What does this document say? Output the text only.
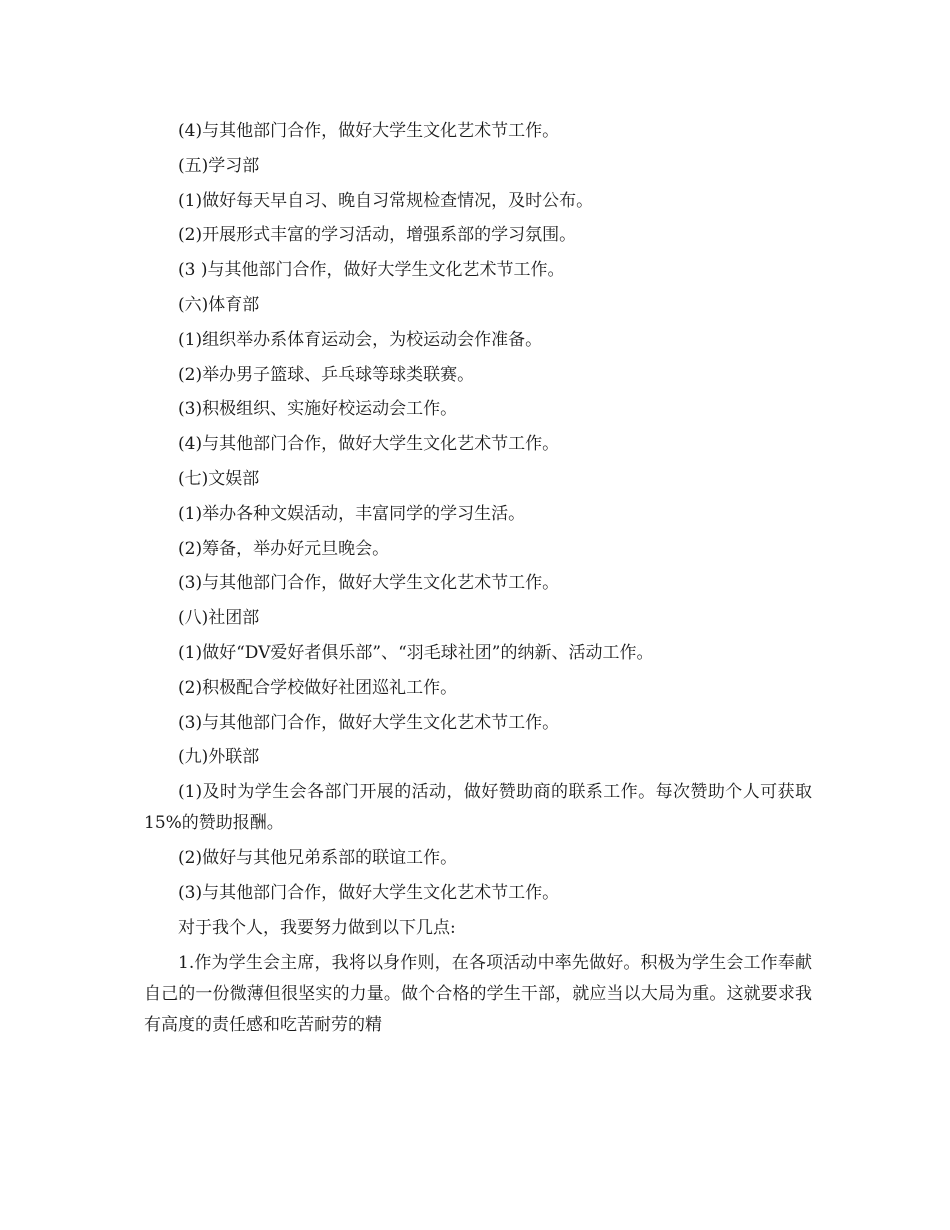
(4)与其他部门合作，做好大学生文化艺术节工作。

(五)学习部

(1)做好每天早自习、晚自习常规检查情况，及时公布。

(2)开展形式丰富的学习活动，增强系部的学习氛围。

(3 )与其他部门合作，做好大学生文化艺术节工作。

(六)体育部

(1)组织举办系体育运动会，为校运动会作准备。

(2)举办男子篮球、乒乓球等球类联赛。

(3)积极组织、实施好校运动会工作。

(4)与其他部门合作，做好大学生文化艺术节工作。

(七)文娱部

(1)举办各种文娱活动，丰富同学的学习生活。

(2)筹备，举办好元旦晚会。

(3)与其他部门合作，做好大学生文化艺术节工作。

(八)社团部

(1)做好“DV爱好者俱乐部”、“羽毛球社团”的纳新、活动工作。

(2)积极配合学校做好社团巡礼工作。

(3)与其他部门合作，做好大学生文化艺术节工作。

(九)外联部

(1)及时为学生会各部门开展的活动，做好赞助商的联系工作。每次赞助个人可获取15%的赞助报酬。

(2)做好与其他兄弟系部的联谊工作。

(3)与其他部门合作，做好大学生文化艺术节工作。

对于我个人，我要努力做到以下几点:

1.作为学生会主席，我将以身作则，在各项活动中率先做好。积极为学生会工作奉献自己的一份微薄但很坚实的力量。做个合格的学生干部，就应当以大局为重。这就要求我有高度的责任感和吃苦耐劳的精
